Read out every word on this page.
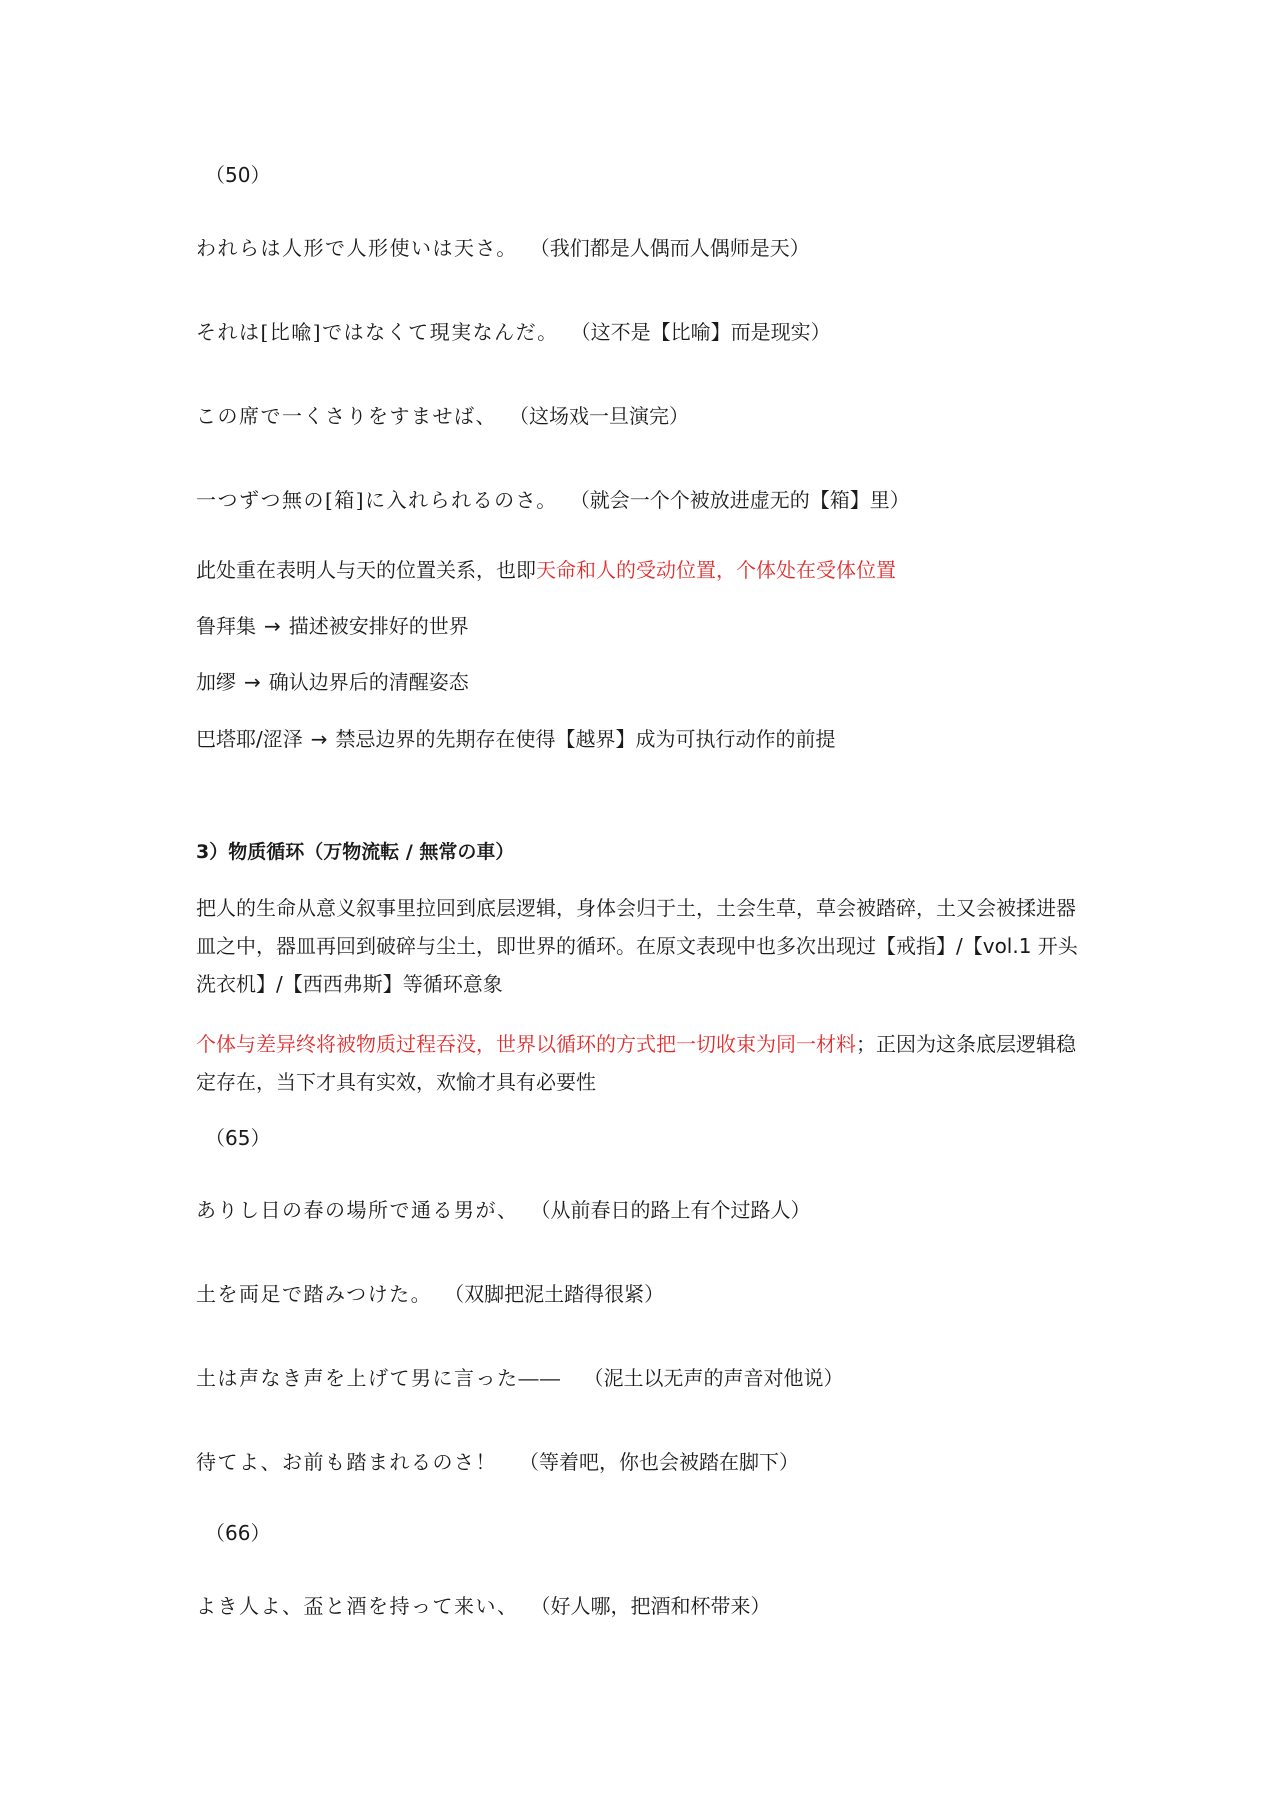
（50）
われらは人形で人形使いは天さ。 （我们都是人偶而人偶师是天）
それは[比喩]ではなくて現実なんだ。 （这不是【比喻】而是现实）
この席で一くさりをすませば、 （这场戏一旦演完）
一つずつ無の[箱]に入れられるのさ。 （就会一个个被放进虚无的【箱】里）
此处重在表明人与天的位置关系，也即天命和人的受动位置，个体处在受体位置
鲁拜集 → 描述被安排好的世界
加缪 → 确认边界后的清醒姿态
巴塔耶/涩泽 → 禁忌边界的先期存在使得【越界】成为可执行动作的前提
3）物质循环（万物流転 / 無常の車）
把人的生命从意义叙事里拉回到底层逻辑，身体会归于土，土会生草，草会被踏碎，土又会被揉进器皿之中，器皿再回到破碎与尘土，即世界的循环。在原文表现中也多次出现过【戒指】/【vol.1 开头洗衣机】/【西西弗斯】等循环意象
个体与差异终将被物质过程吞没，世界以循环的方式把一切收束为同一材料；正因为这条底层逻辑稳定存在，当下才具有实效，欢愉才具有必要性
（65）
ありし日の春の場所で通る男が、 （从前春日的路上有个过路人）
土を両足で踏みつけた。 （双脚把泥土踏得很紧）
土は声なき声を上げて男に言った―― （泥土以无声的声音对他说）
待てよ、お前も踏まれるのさ！ （等着吧，你也会被踏在脚下）
（66）
よき人よ、盃と酒を持って来い、 （好人哪，把酒和杯带来）
